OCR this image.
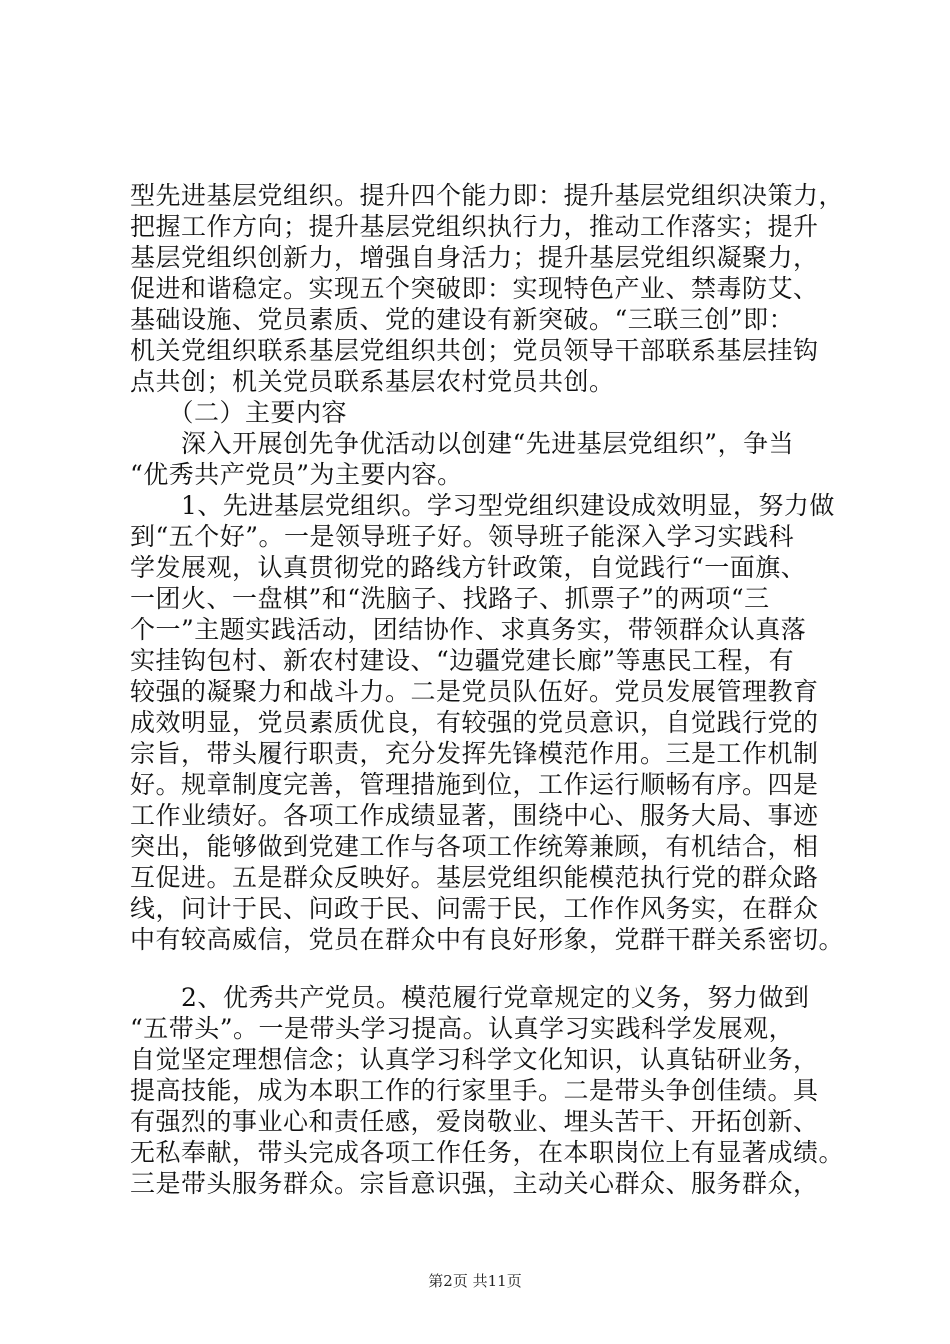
型先进基层党组织。提升四个能力即：提升基层党组织决策力，
把握工作方向；提升基层党组织执行力，推动工作落实；提升
基层党组织创新力，增强自身活力；提升基层党组织凝聚力，
促进和谐稳定。实现五个突破即：实现特色产业、禁毒防艾、
基础设施、党员素质、党的建设有新突破。“三联三创”即：
机关党组织联系基层党组织共创；党员领导干部联系基层挂钩
点共创；机关党员联系基层农村党员共创。
　　（二）主要内容
　　深入开展创先争优活动以创建“先进基层党组织”，争当
“优秀共产党员”为主要内容。
　　1、先进基层党组织。学习型党组织建设成效明显，努力做
到“五个好”。一是领导班子好。领导班子能深入学习实践科
学发展观，认真贯彻党的路线方针政策，自觉践行“一面旗、
一团火、一盘棋”和“洗脑子、找路子、抓票子”的两项“三
个一”主题实践活动，团结协作、求真务实，带领群众认真落
实挂钩包村、新农村建设、“边疆党建长廊”等惠民工程，有
较强的凝聚力和战斗力。二是党员队伍好。党员发展管理教育
成效明显，党员素质优良，有较强的党员意识，自觉践行党的
宗旨，带头履行职责，充分发挥先锋模范作用。三是工作机制
好。规章制度完善，管理措施到位，工作运行顺畅有序。四是
工作业绩好。各项工作成绩显著，围绕中心、服务大局、事迹
突出，能够做到党建工作与各项工作统筹兼顾，有机结合，相
互促进。五是群众反映好。基层党组织能模范执行党的群众路
线，问计于民、问政于民、问需于民，工作作风务实，在群众
中有较高威信，党员在群众中有良好形象，党群干群关系密切。
　　2、优秀共产党员。模范履行党章规定的义务，努力做到
“五带头”。一是带头学习提高。认真学习实践科学发展观，
自觉坚定理想信念；认真学习科学文化知识，认真钻研业务，
提高技能，成为本职工作的行家里手。二是带头争创佳绩。具
有强烈的事业心和责任感，爱岗敬业、埋头苦干、开拓创新、
无私奉献，带头完成各项工作任务，在本职岗位上有显著成绩。
三是带头服务群众。宗旨意识强，主动关心群众、服务群众，
第2页 共11页
